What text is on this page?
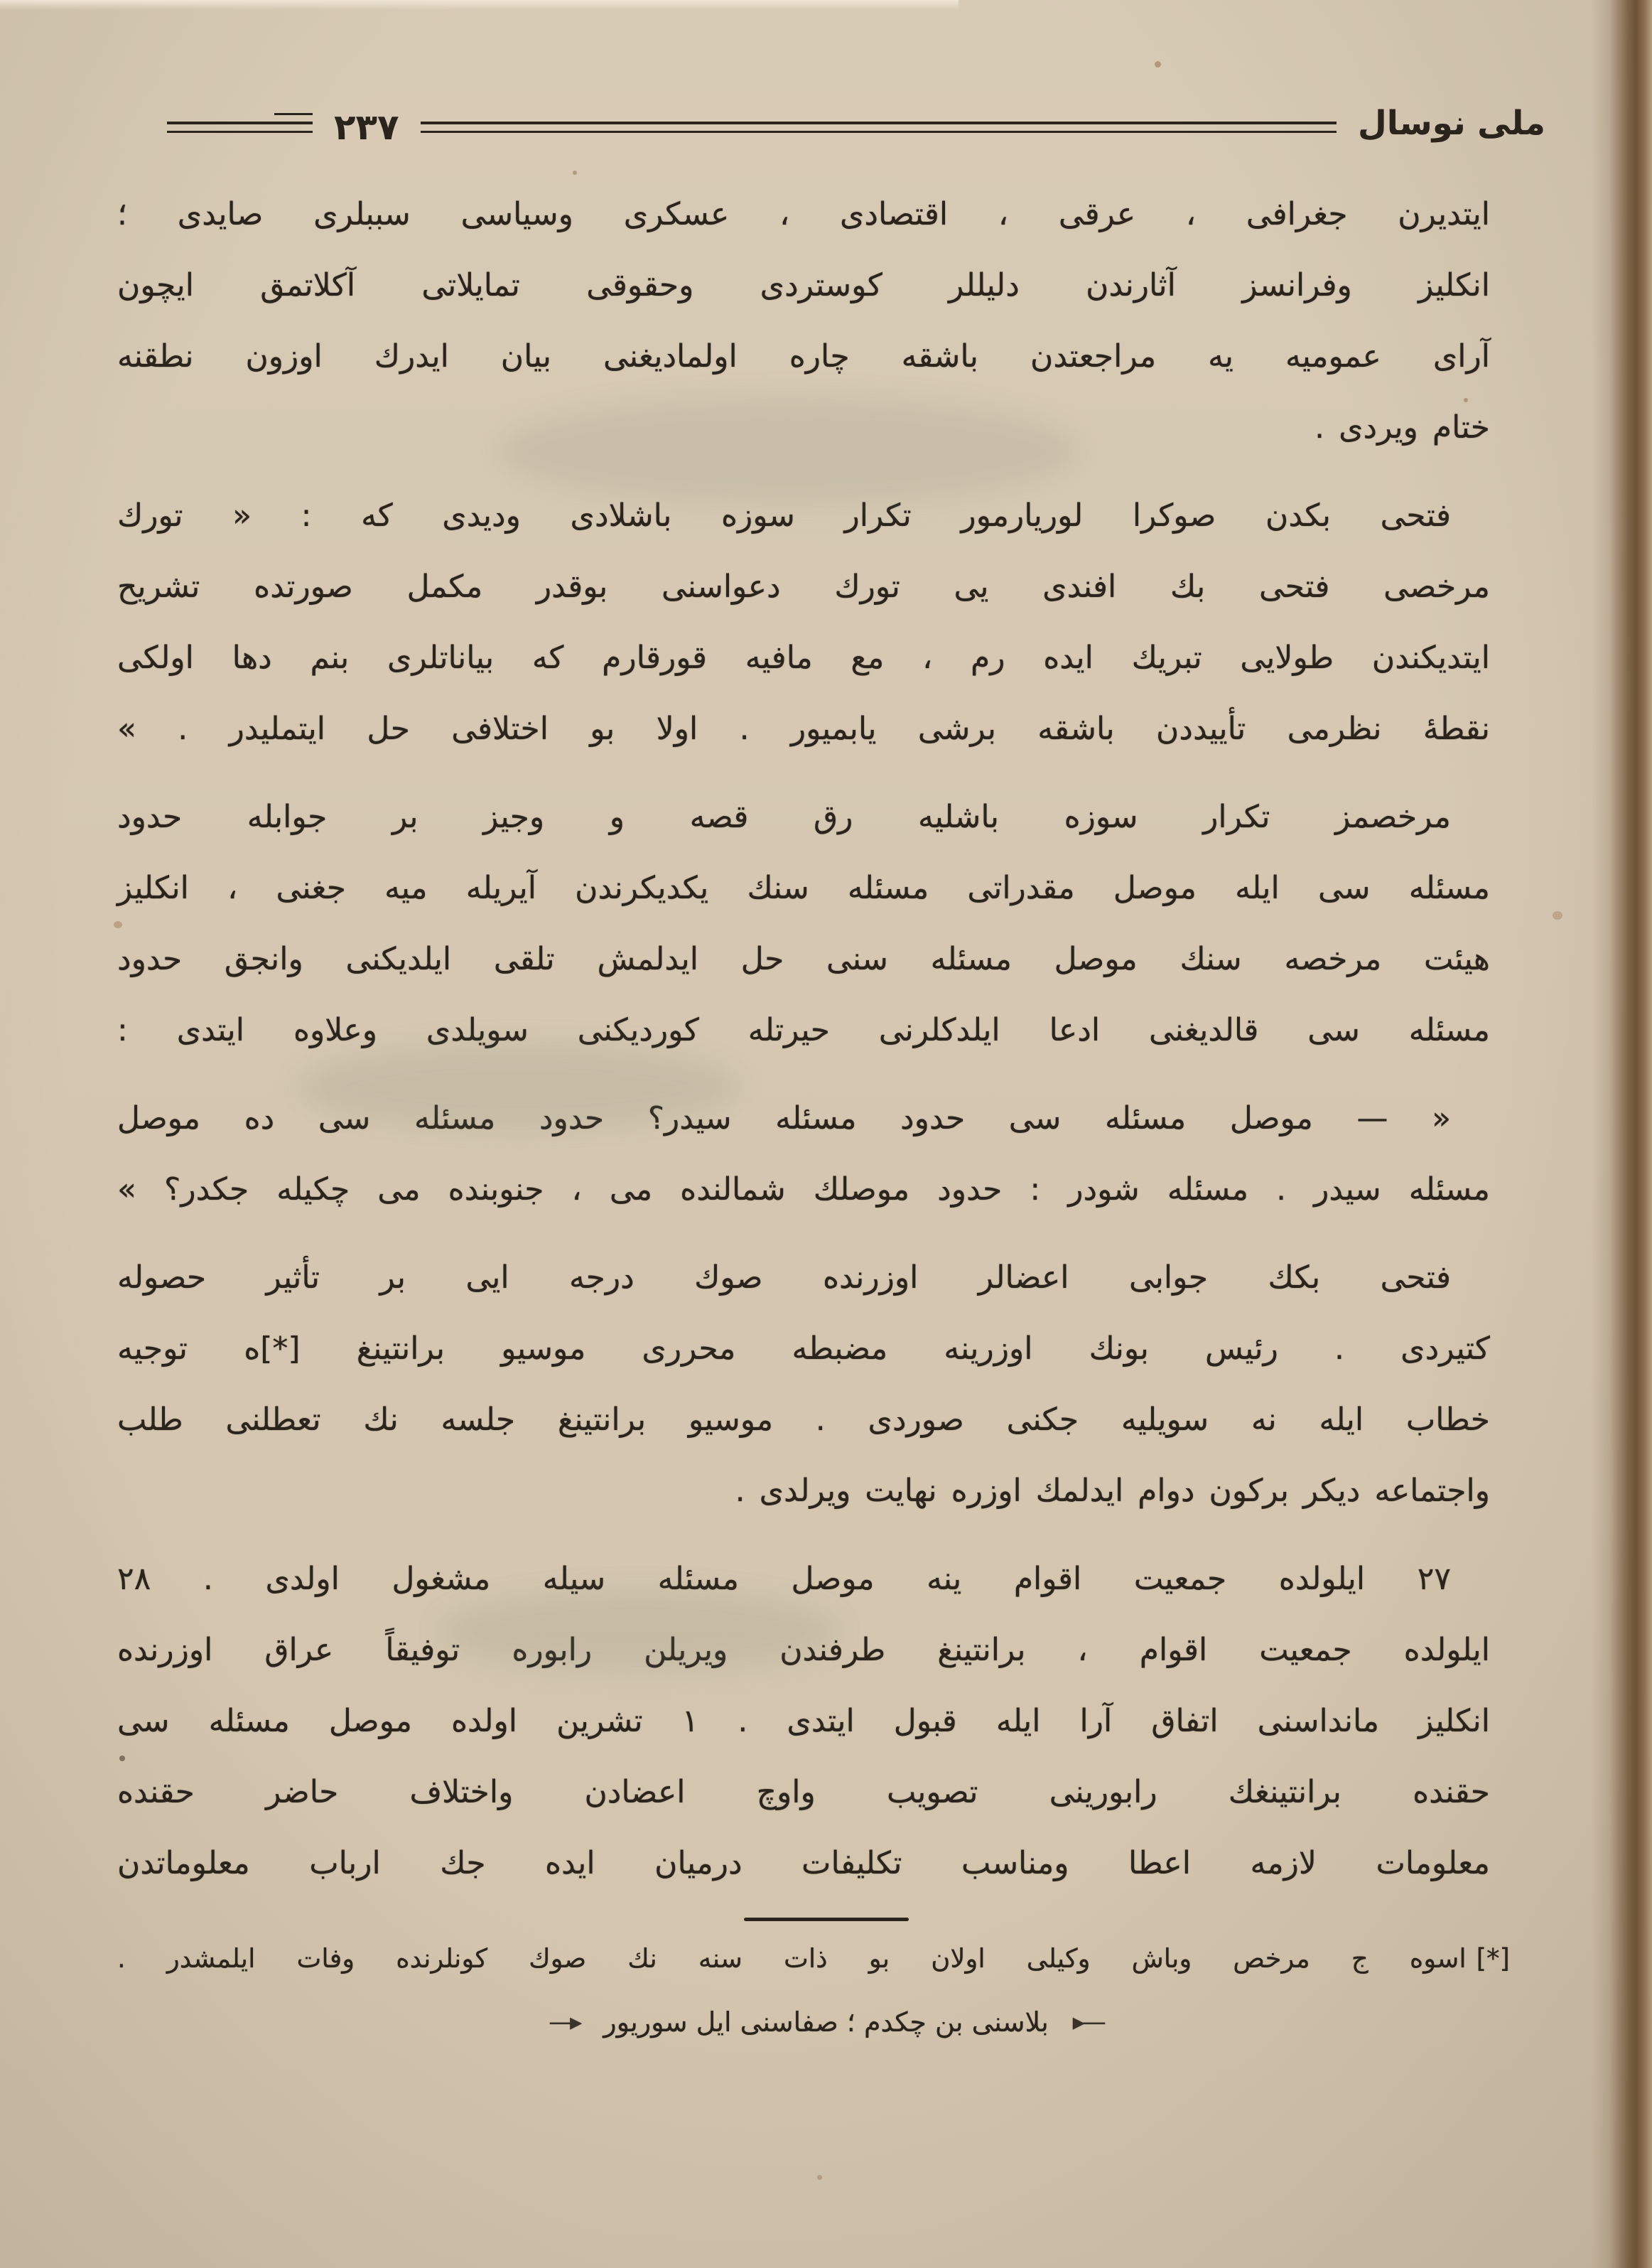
ملى نوسال
٢٣٧
ايتديرن جغرافى ، عرقى ، اقتصادى ، عسكرى وسياسى سببلرى صايدى ؛
انكليز وفرانسز آثارندن دليللر كوستردى وحقوقى تمايلاتى آكلاتمق ايچون
آراى عموميه يه مراجعتدن باشقه چاره اولماديغنى بيان ايدرك اوزون نطقنه
ختام ويردى .
فتحى بكدن صوكرا لوريارمور تكرار سوزه باشلادى وديدى كه : « تورك
مرخصى فتحى بك افندى يى تورك دعواسنى بوقدر مكمل صورتده تشريح
ايتديكندن طولايى تبريك ايده رم ، مع مافيه قورقارم كه بياناتلرى بنم دها اولكى
نقطهٔ نظرمى تأييددن باشقه برشى يابميور . اولا بو اختلافى حل ايتمليدر . »
مرخصمز تكرار سوزه باشليه رق قصه و وجيز بر جوابله حدود
مسئله سى ايله موصل مقدراتى مسئله سنك يكديكرندن آيريله ميه جغنى ، انكليز
هيئت مرخصه سنك موصل مسئله سنى حل ايدلمش تلقى ايلديكنى وانجق حدود
مسئله سى قالديغنى ادعا ايلدكلرنى حيرتله كورديكنى سويلدى وعلاوه ايتدى :
« — موصل مسئله سى حدود مسئله سيدر؟ حدود مسئله سى ده موصل
مسئله سيدر . مسئله شودر : حدود موصلك شمالنده مى ، جنوبنده مى چكيله جكدر؟ »
فتحى بكك جوابى اعضالر اوزرنده صوك درجه ايى بر تأثير حصوله
كتيردى . رئيس بونك اوزرينه مضبطه محررى موسيو برانتينغ [*]ه توجيه
خطاب ايله نه سويليه جكنى صوردى . موسيو برانتينغ جلسه نك تعطلنى طلب
واجتماعه ديكر بركون دوام ايدلمك اوزره نهايت ويرلدى .
٢٧ ايلولده جمعيت اقوام ينه موصل مسئله سيله مشغول اولدى . ٢٨
ايلولده جمعيت اقوام ، برانتينغ طرفندن ويريلن رابوره توفيقاً عراق اوزرنده
انكليز مانداسنى اتفاق آرا ايله قبول ايتدى . ١ تشرين اولده موصل مسئله سى
حقنده برانتينغك رابورينى تصويب واوچ اعضادن واختلاف حاضر حقنده
معلومات لازمه اعطا ومناسب تكليفات درميان ايده جك ارباب معلوماتدن
[*]اسوه ج مرخص وباش وكيلى اولان بو ذات سنه نك صوك كونلرنده وفات ايلمشدر .
▸—
بلاسنى بن چكدم ؛ صفاسنى ايل سوريور
—▸
